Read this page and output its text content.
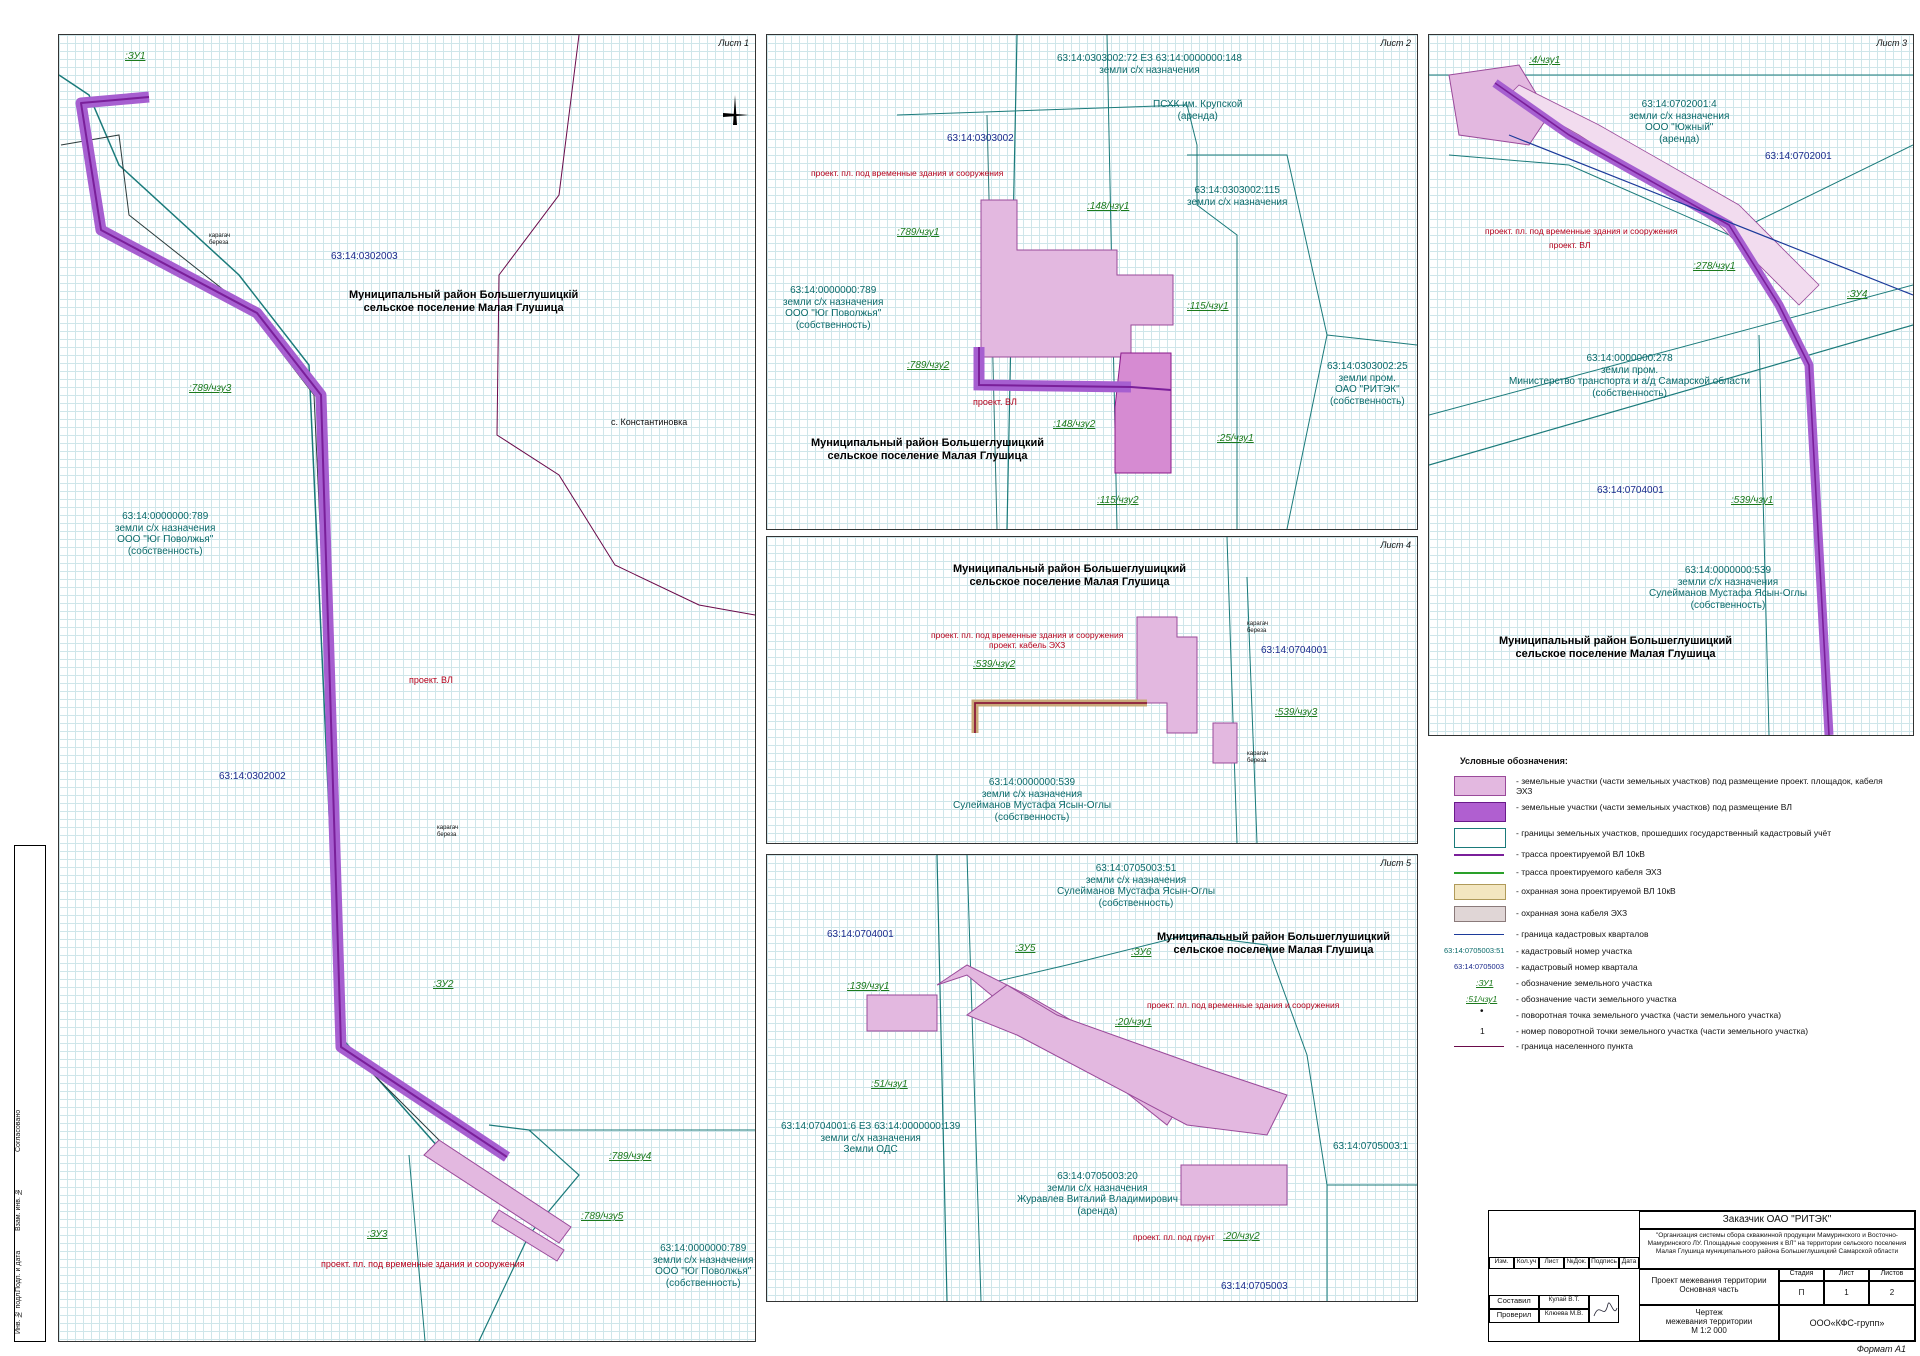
Лист 1
63:14:0302003
Муниципальный район Большеглушицкій
сельское поселение Малая Глушица
с. Константиновка
:ЗУ1
:789/чзу3
63:14:0000000:789
земли с/х назначения
ООО "Юг Поволжья"
(собственность)
проект. ВЛ
63:14:0302002
:ЗУ2
:789/чзу4
:789/чзу5
:ЗУ3
63:14:0000000:789
земли с/х назначения
ООО "Юг Поволжья"
(собственность)
проект. пл. под временные здания и сооружения
карагач
береза
карагач
береза
Лист 2
63:14:0303002:72 ЕЗ 63:14:0000000:148
земли с/х назначения
ПСХК им. Крупской
(аренда)
63:14:0303002
проект. пл. под временные здания и сооружения
63:14:0303002:115
земли с/х назначения
:148/чзу1
:789/чзу1
:115/чзу1
63:14:0000000:789
земли с/х назначения
ООО "Юг Поволжья"
(собственность)
:789/чзу2	63:14:0303002:25
земли пром.
ОАО "РИТЭК"
(собственность)
проект. ВЛ
:148/чзу2
Муниципальный район Большеглушицкий
сельское поселение Малая Глушица
:25/чзу1
:115/чзу2
Лист 3
:4/чзу1
63:14:0702001:4
земли с/х назначения
ООО "Южный"
(аренда)
63:14:0702001
проект. пл. под временные здания и сооружения
проект. ВЛ
:278/чзу1
:ЗУ4
63:14:0000000:278
земли пром.
Министерство транспорта и а/д Самарской области
(собственность)
63:14:0704001
:539/чзу1
63:14:0000000:539
земли с/х назначения
Сулейманов Мустафа Ясын-Оглы
(собственность)
Муниципальный район Большеглушицкий
сельское поселение Малая Глушица
Лист 4
Муниципальный район Большеглушицкий
сельское поселение Малая Глушица
63:14:0704001
проект. пл. под временные здания и сооружения
проект. кабель ЭХЗ
:539/чзу2
:539/чзу3
63:14:0000000:539
земли с/х назначения
Сулейманов Мустафа Ясын-Оглы
(собственность)
карагач
береза
карагач
береза
Лист 5
63:14:0705003:51
земли с/х назначения
Сулейманов Мустафа Ясын-Оглы
(собственность)
63:14:0704001	Муниципальный район Большеглушицкий
сельское поселение Малая Глушица
:ЗУ5	:ЗУ6
:139/чзу1
проект. пл. под временные здания и сооружения
:20/чзу1
:51/чзу1
63:14:0704001:6 ЕЗ 63:14:0000000:139
земли с/х назначения
Земли ОДС
63:14:0705003:20
земли с/х назначения
Журавлев Виталий Владимирович
(аренда)
63:14:0705003:1
проект. пл. под грунт :20/чзу2
63:14:0705003
Условные обозначения:
- земельные участки (части земельных участков) под размещение проект. площадок, кабеля ЭХЗ
- земельные участки (части земельных участков) под размещение ВЛ
- границы земельных участков, прошедших государственный кадастровый учёт
- трасса проектируемой ВЛ 10кВ
- трасса проектируемого кабеля ЭХЗ
- охранная зона проектируемой ВЛ 10кВ
- охранная зона кабеля ЭХЗ
- граница кадастровых кварталов
63:14:0705003:51 - кадастровый номер участка
63:14:0705003 - кадастровый номер квартала
:ЗУ1	- обозначение земельного участка
:51/чзу1 - обозначение части земельного участка
•	- поворотная точка земельного участка (части земельного участка)
1	- номер поворотной точки земельного участка (части земельного участка)
- граница населенного пункта
Заказчик ОАО "РИТЭК"
"Организация системы сбора скважинной продукции Мамуринского и Восточно-Мамуринского ЛУ. Площадные сооружения к ВЛ" на территории сельского поселения Малая Глушица муниципального района Большеглушицкий Самарской области
Изм.	Кол.уч	Лист	№Док. Подпись Дата
Составил	Кулай В.Т.
Проверил	Клюева М.В.
Проект межевания территории
Основная часть
Чертеж
межевания территории
М 1:2 000
Стадия	Лист	Листов
П	1	2
ООО«КФС-групп»
Формат А1
Согласовано
Взам. инв. №
Подп. и дата
Инв. № подл.
